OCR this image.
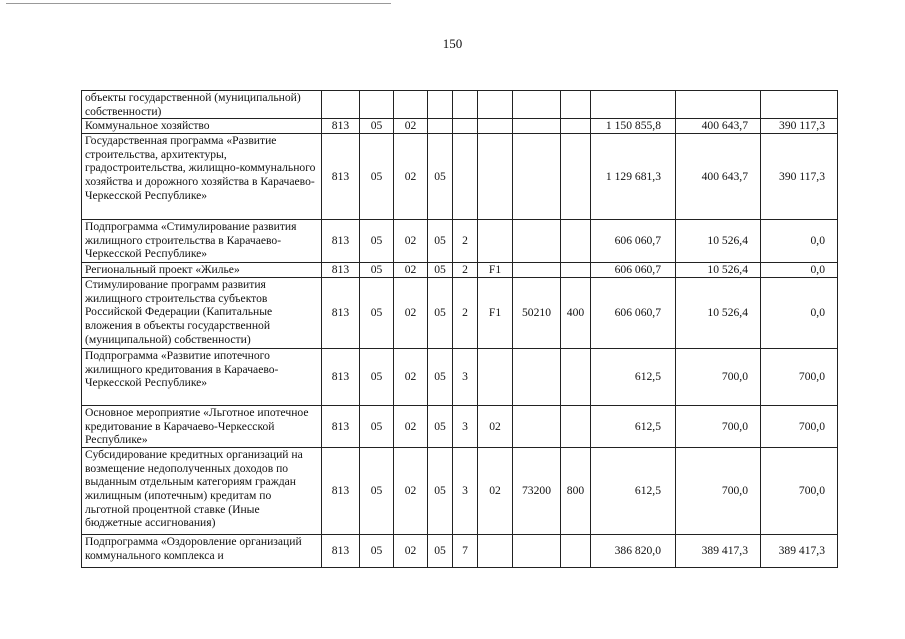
150
объекты государственной (муниципальной) собственности)											
Коммунальное хозяйство	813	05	02						1 150 855,8	400 643,7	390 117,3
Государственная программа «Развитие строительства, архитектуры, градостроительства, жилищно-коммунального хозяйства и дорожного хозяйства в Карачаево-Черкесской Республике»	813	05	02	05					1 129 681,3	400 643,7	390 117,3
Подпрограмма «Стимулирование развития жилищного строительства в Карачаево-Черкесской Республике»	813	05	02	05	2				606 060,7	10 526,4	0,0
Региональный проект «Жилье»	813	05	02	05	2	F1			606 060,7	10 526,4	0,0
Стимулирование программ развития жилищного строительства субъектов Российской Федерации (Капитальные вложения в объекты государственной (муниципальной) собственности)	813	05	02	05	2	F1	50210	400	606 060,7	10 526,4	0,0
Подпрограмма «Развитие ипотечного жилищного кредитования в Карачаево-Черкесской Республике»	813	05	02	05	3				612,5	700,0	700,0
Основное мероприятие «Льготное ипотечное кредитование в Карачаево-Черкесской Республике»	813	05	02	05	3	02			612,5	700,0	700,0
Субсидирование кредитных организаций на возмещение недополученных доходов по выданным отдельным категориям граждан жилищным (ипотечным) кредитам по льготной процентной ставке (Иные бюджетные ассигнования)	813	05	02	05	3	02	73200	800	612,5	700,0	700,0
Подпрограмма «Оздоровление организаций коммунального комплекса и	813	05	02	05	7				386 820,0	389 417,3	389 417,3
